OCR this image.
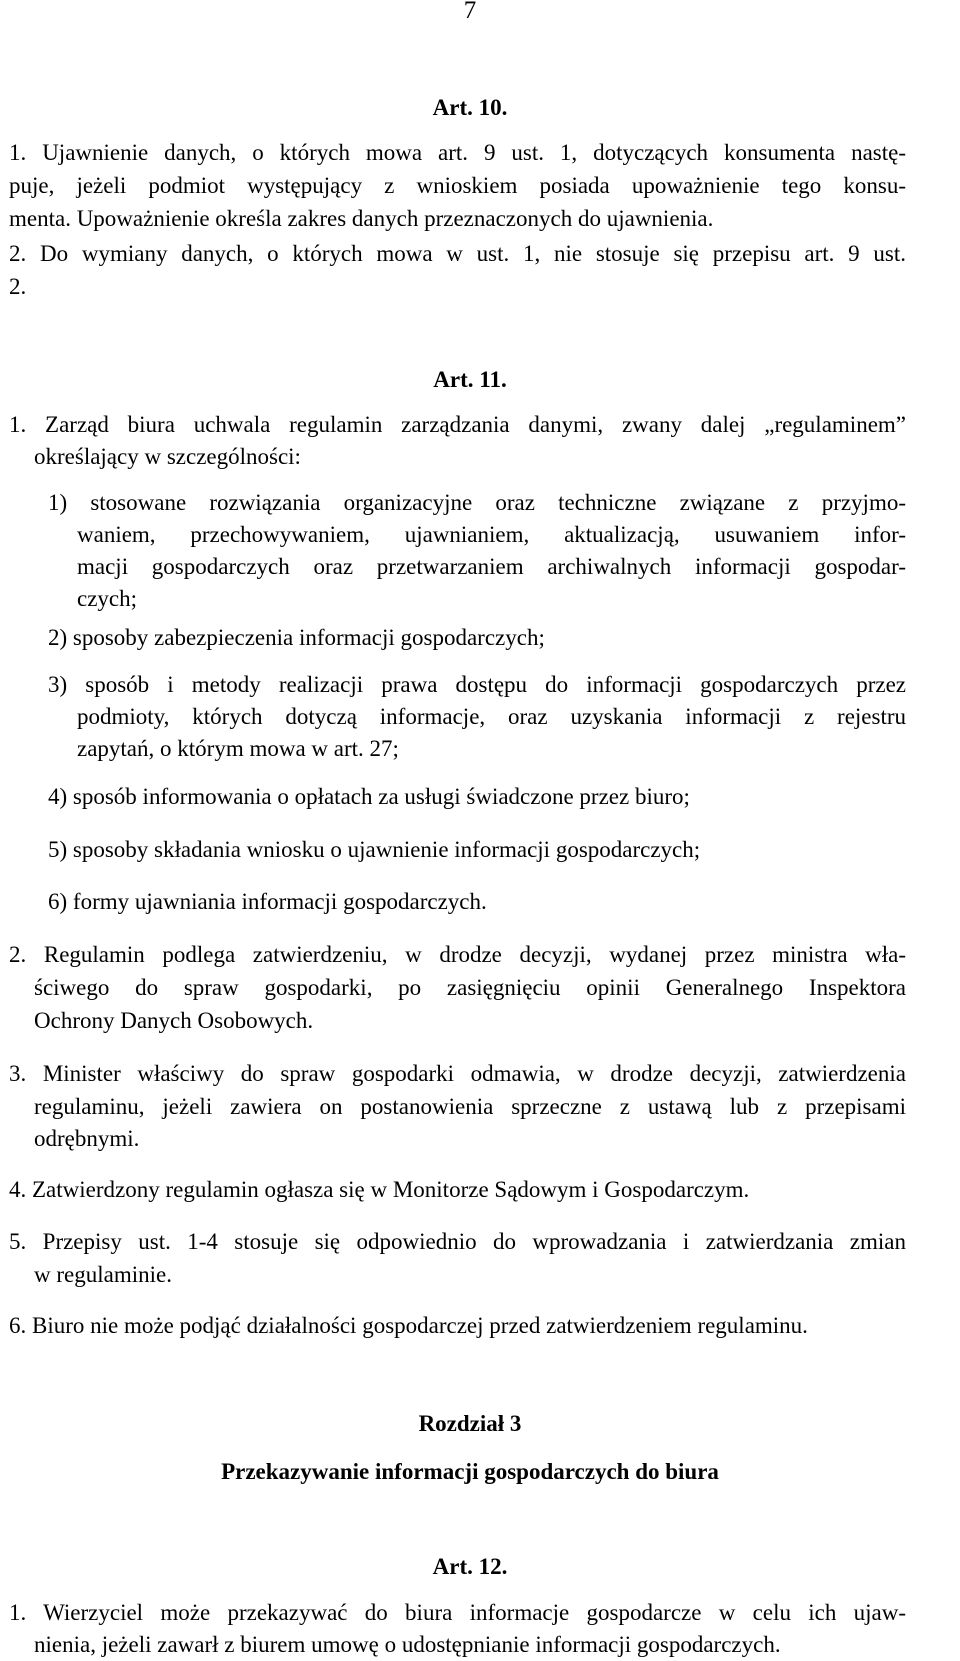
7
Art. 10.
1. Ujawnienie danych, o których mowa art. 9 ust. 1, dotyczących konsumenta nastę-
puje, jeżeli podmiot występujący z wnioskiem posiada upoważnienie tego konsu-
menta. Upoważnienie określa zakres danych przeznaczonych do ujawnienia.
2. Do wymiany danych, o których mowa w ust. 1, nie stosuje się przepisu art. 9 ust.
2.
Art. 11.
1. Zarząd biura uchwala regulamin zarządzania danymi, zwany dalej „regulaminem”
określający w szczególności:
1) stosowane rozwiązania organizacyjne oraz techniczne związane z przyjmo-
waniem, przechowywaniem, ujawnianiem, aktualizacją, usuwaniem infor-
macji gospodarczych oraz przetwarzaniem archiwalnych informacji gospodar-
czych;
2) sposoby zabezpieczenia informacji gospodarczych;
3) sposób i metody realizacji prawa dostępu do informacji gospodarczych przez
podmioty, których dotyczą informacje, oraz uzyskania informacji z rejestru
zapytań, o którym mowa w art. 27;
4) sposób informowania o opłatach za usługi świadczone przez biuro;
5) sposoby składania wniosku o ujawnienie informacji gospodarczych;
6) formy ujawniania informacji gospodarczych.
2. Regulamin podlega zatwierdzeniu, w drodze decyzji, wydanej przez ministra wła-
ściwego do spraw gospodarki, po zasięgnięciu opinii Generalnego Inspektora
Ochrony Danych Osobowych.
3. Minister właściwy do spraw gospodarki odmawia, w drodze decyzji, zatwierdzenia
regulaminu, jeżeli zawiera on postanowienia sprzeczne z ustawą lub z przepisami
odrębnymi.
4. Zatwierdzony regulamin ogłasza się w Monitorze Sądowym i Gospodarczym.
5. Przepisy ust. 1-4 stosuje się odpowiednio do wprowadzania i zatwierdzania zmian
w regulaminie.
6. Biuro nie może podjąć działalności gospodarczej przed zatwierdzeniem regulaminu.
Rozdział 3
Przekazywanie informacji gospodarczych do biura
Art. 12.
1. Wierzyciel może przekazywać do biura informacje gospodarcze w celu ich ujaw-
nienia, jeżeli zawarł z biurem umowę o udostępnianie informacji gospodarczych.
